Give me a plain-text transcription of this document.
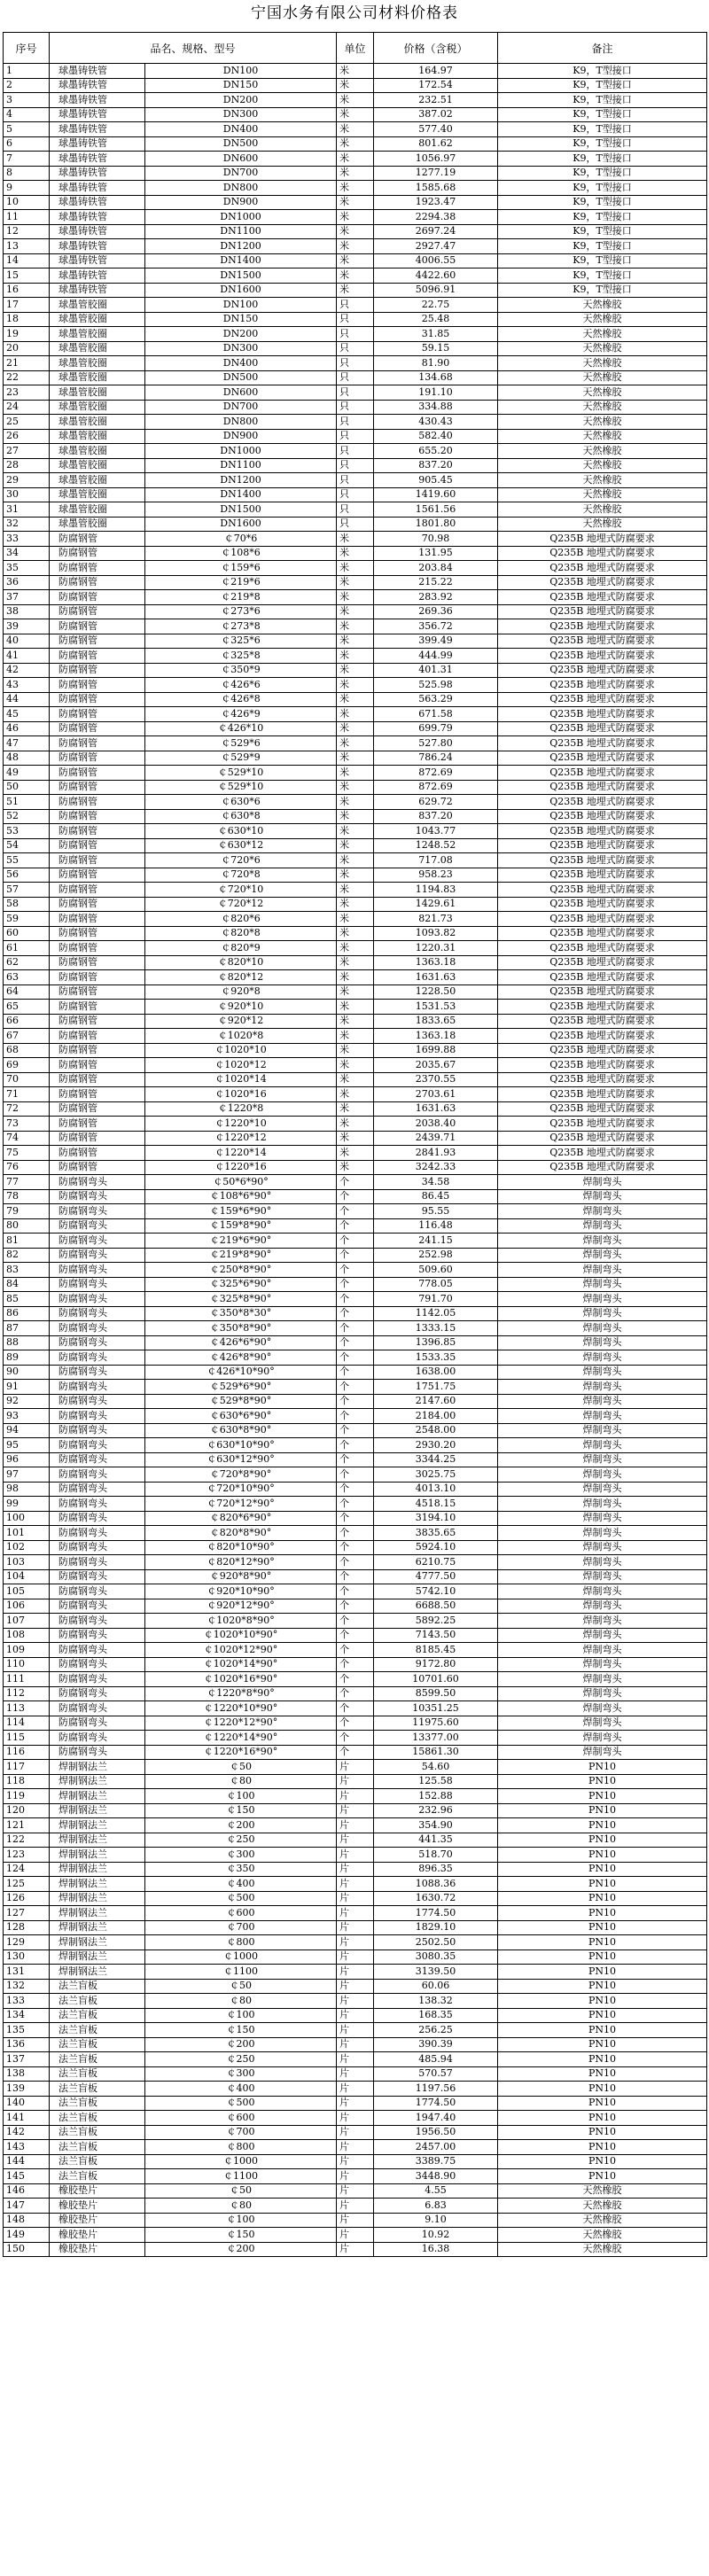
宁国水务有限公司材料价格表
序号	品名、规格、型号		单位	价格（含税）	备注
1	球墨铸铁管	DN100	米	164.97	K9，T型接口
2	球墨铸铁管	DN150	米	172.54	K9，T型接口
3	球墨铸铁管	DN200	米	232.51	K9，T型接口
4	球墨铸铁管	DN300	米	387.02	K9，T型接口
5	球墨铸铁管	DN400	米	577.40	K9，T型接口
6	球墨铸铁管	DN500	米	801.62	K9，T型接口
7	球墨铸铁管	DN600	米	1056.97	K9，T型接口
8	球墨铸铁管	DN700	米	1277.19	K9，T型接口
9	球墨铸铁管	DN800	米	1585.68	K9，T型接口
10	球墨铸铁管	DN900	米	1923.47	K9，T型接口
11	球墨铸铁管	DN1000	米	2294.38	K9，T型接口
12	球墨铸铁管	DN1100	米	2697.24	K9，T型接口
13	球墨铸铁管	DN1200	米	2927.47	K9，T型接口
14	球墨铸铁管	DN1400	米	4006.55	K9，T型接口
15	球墨铸铁管	DN1500	米	4422.60	K9，T型接口
16	球墨铸铁管	DN1600	米	5096.91	K9，T型接口
17	球墨管胶圈	DN100	只	22.75	天然橡胶
18	球墨管胶圈	DN150	只	25.48	天然橡胶
19	球墨管胶圈	DN200	只	31.85	天然橡胶
20	球墨管胶圈	DN300	只	59.15	天然橡胶
21	球墨管胶圈	DN400	只	81.90	天然橡胶
22	球墨管胶圈	DN500	只	134.68	天然橡胶
23	球墨管胶圈	DN600	只	191.10	天然橡胶
24	球墨管胶圈	DN700	只	334.88	天然橡胶
25	球墨管胶圈	DN800	只	430.43	天然橡胶
26	球墨管胶圈	DN900	只	582.40	天然橡胶
27	球墨管胶圈	DN1000	只	655.20	天然橡胶
28	球墨管胶圈	DN1100	只	837.20	天然橡胶
29	球墨管胶圈	DN1200	只	905.45	天然橡胶
30	球墨管胶圈	DN1400	只	1419.60	天然橡胶
31	球墨管胶圈	DN1500	只	1561.56	天然橡胶
32	球墨管胶圈	DN1600	只	1801.80	天然橡胶
33	防腐钢管	￠70*6	米	70.98	Q235B 地埋式防腐要求
34	防腐钢管	￠108*6	米	131.95	Q235B 地埋式防腐要求
35	防腐钢管	￠159*6	米	203.84	Q235B 地埋式防腐要求
36	防腐钢管	￠219*6	米	215.22	Q235B 地埋式防腐要求
37	防腐钢管	￠219*8	米	283.92	Q235B 地埋式防腐要求
38	防腐钢管	￠273*6	米	269.36	Q235B 地埋式防腐要求
39	防腐钢管	￠273*8	米	356.72	Q235B 地埋式防腐要求
40	防腐钢管	￠325*6	米	399.49	Q235B 地埋式防腐要求
41	防腐钢管	￠325*8	米	444.99	Q235B 地埋式防腐要求
42	防腐钢管	￠350*9	米	401.31	Q235B 地埋式防腐要求
43	防腐钢管	￠426*6	米	525.98	Q235B 地埋式防腐要求
44	防腐钢管	￠426*8	米	563.29	Q235B 地埋式防腐要求
45	防腐钢管	￠426*9	米	671.58	Q235B 地埋式防腐要求
46	防腐钢管	￠426*10	米	699.79	Q235B 地埋式防腐要求
47	防腐钢管	￠529*6	米	527.80	Q235B 地埋式防腐要求
48	防腐钢管	￠529*9	米	786.24	Q235B 地埋式防腐要求
49	防腐钢管	￠529*10	米	872.69	Q235B 地埋式防腐要求
50	防腐钢管	￠529*10	米	872.69	Q235B 地埋式防腐要求
51	防腐钢管	￠630*6	米	629.72	Q235B 地埋式防腐要求
52	防腐钢管	￠630*8	米	837.20	Q235B 地埋式防腐要求
53	防腐钢管	￠630*10	米	1043.77	Q235B 地埋式防腐要求
54	防腐钢管	￠630*12	米	1248.52	Q235B 地埋式防腐要求
55	防腐钢管	￠720*6	米	717.08	Q235B 地埋式防腐要求
56	防腐钢管	￠720*8	米	958.23	Q235B 地埋式防腐要求
57	防腐钢管	￠720*10	米	1194.83	Q235B 地埋式防腐要求
58	防腐钢管	￠720*12	米	1429.61	Q235B 地埋式防腐要求
59	防腐钢管	￠820*6	米	821.73	Q235B 地埋式防腐要求
60	防腐钢管	￠820*8	米	1093.82	Q235B 地埋式防腐要求
61	防腐钢管	￠820*9	米	1220.31	Q235B 地埋式防腐要求
62	防腐钢管	￠820*10	米	1363.18	Q235B 地埋式防腐要求
63	防腐钢管	￠820*12	米	1631.63	Q235B 地埋式防腐要求
64	防腐钢管	￠920*8	米	1228.50	Q235B 地埋式防腐要求
65	防腐钢管	￠920*10	米	1531.53	Q235B 地埋式防腐要求
66	防腐钢管	￠920*12	米	1833.65	Q235B 地埋式防腐要求
67	防腐钢管	￠1020*8	米	1363.18	Q235B 地埋式防腐要求
68	防腐钢管	￠1020*10	米	1699.88	Q235B 地埋式防腐要求
69	防腐钢管	￠1020*12	米	2035.67	Q235B 地埋式防腐要求
70	防腐钢管	￠1020*14	米	2370.55	Q235B 地埋式防腐要求
71	防腐钢管	￠1020*16	米	2703.61	Q235B 地埋式防腐要求
72	防腐钢管	￠1220*8	米	1631.63	Q235B 地埋式防腐要求
73	防腐钢管	￠1220*10	米	2038.40	Q235B 地埋式防腐要求
74	防腐钢管	￠1220*12	米	2439.71	Q235B 地埋式防腐要求
75	防腐钢管	￠1220*14	米	2841.93	Q235B 地埋式防腐要求
76	防腐钢管	￠1220*16	米	3242.33	Q235B 地埋式防腐要求
77	防腐钢弯头	￠50*6*90°	个	34.58	焊制弯头
78	防腐钢弯头	￠108*6*90°	个	86.45	焊制弯头
79	防腐钢弯头	￠159*6*90°	个	95.55	焊制弯头
80	防腐钢弯头	￠159*8*90°	个	116.48	焊制弯头
81	防腐钢弯头	￠219*6*90°	个	241.15	焊制弯头
82	防腐钢弯头	￠219*8*90°	个	252.98	焊制弯头
83	防腐钢弯头	￠250*8*90°	个	509.60	焊制弯头
84	防腐钢弯头	￠325*6*90°	个	778.05	焊制弯头
85	防腐钢弯头	￠325*8*90°	个	791.70	焊制弯头
86	防腐钢弯头	￠350*8*30°	个	1142.05	焊制弯头
87	防腐钢弯头	￠350*8*90°	个	1333.15	焊制弯头
88	防腐钢弯头	￠426*6*90°	个	1396.85	焊制弯头
89	防腐钢弯头	￠426*8*90°	个	1533.35	焊制弯头
90	防腐钢弯头	￠426*10*90°	个	1638.00	焊制弯头
91	防腐钢弯头	￠529*6*90°	个	1751.75	焊制弯头
92	防腐钢弯头	￠529*8*90°	个	2147.60	焊制弯头
93	防腐钢弯头	￠630*6*90°	个	2184.00	焊制弯头
94	防腐钢弯头	￠630*8*90°	个	2548.00	焊制弯头
95	防腐钢弯头	￠630*10*90°	个	2930.20	焊制弯头
96	防腐钢弯头	￠630*12*90°	个	3344.25	焊制弯头
97	防腐钢弯头	￠720*8*90°	个	3025.75	焊制弯头
98	防腐钢弯头	￠720*10*90°	个	4013.10	焊制弯头
99	防腐钢弯头	￠720*12*90°	个	4518.15	焊制弯头
100	防腐钢弯头	￠820*6*90°	个	3194.10	焊制弯头
101	防腐钢弯头	￠820*8*90°	个	3835.65	焊制弯头
102	防腐钢弯头	￠820*10*90°	个	5924.10	焊制弯头
103	防腐钢弯头	￠820*12*90°	个	6210.75	焊制弯头
104	防腐钢弯头	￠920*8*90°	个	4777.50	焊制弯头
105	防腐钢弯头	￠920*10*90°	个	5742.10	焊制弯头
106	防腐钢弯头	￠920*12*90°	个	6688.50	焊制弯头
107	防腐钢弯头	￠1020*8*90°	个	5892.25	焊制弯头
108	防腐钢弯头	￠1020*10*90°	个	7143.50	焊制弯头
109	防腐钢弯头	￠1020*12*90°	个	8185.45	焊制弯头
110	防腐钢弯头	￠1020*14*90°	个	9172.80	焊制弯头
111	防腐钢弯头	￠1020*16*90°	个	10701.60	焊制弯头
112	防腐钢弯头	￠1220*8*90°	个	8599.50	焊制弯头
113	防腐钢弯头	￠1220*10*90°	个	10351.25	焊制弯头
114	防腐钢弯头	￠1220*12*90°	个	11975.60	焊制弯头
115	防腐钢弯头	￠1220*14*90°	个	13377.00	焊制弯头
116	防腐钢弯头	￠1220*16*90°	个	15861.30	焊制弯头
117	焊制钢法兰	￠50	片	54.60	PN10
118	焊制钢法兰	￠80	片	125.58	PN10
119	焊制钢法兰	￠100	片	152.88	PN10
120	焊制钢法兰	￠150	片	232.96	PN10
121	焊制钢法兰	￠200	片	354.90	PN10
122	焊制钢法兰	￠250	片	441.35	PN10
123	焊制钢法兰	￠300	片	518.70	PN10
124	焊制钢法兰	￠350	片	896.35	PN10
125	焊制钢法兰	￠400	片	1088.36	PN10
126	焊制钢法兰	￠500	片	1630.72	PN10
127	焊制钢法兰	￠600	片	1774.50	PN10
128	焊制钢法兰	￠700	片	1829.10	PN10
129	焊制钢法兰	￠800	片	2502.50	PN10
130	焊制钢法兰	￠1000	片	3080.35	PN10
131	焊制钢法兰	￠1100	片	3139.50	PN10
132	法兰盲板	￠50	片	60.06	PN10
133	法兰盲板	￠80	片	138.32	PN10
134	法兰盲板	￠100	片	168.35	PN10
135	法兰盲板	￠150	片	256.25	PN10
136	法兰盲板	￠200	片	390.39	PN10
137	法兰盲板	￠250	片	485.94	PN10
138	法兰盲板	￠300	片	570.57	PN10
139	法兰盲板	￠400	片	1197.56	PN10
140	法兰盲板	￠500	片	1774.50	PN10
141	法兰盲板	￠600	片	1947.40	PN10
142	法兰盲板	￠700	片	1956.50	PN10
143	法兰盲板	￠800	片	2457.00	PN10
144	法兰盲板	￠1000	片	3389.75	PN10
145	法兰盲板	￠1100	片	3448.90	PN10
146	橡胶垫片	￠50	片	4.55	天然橡胶
147	橡胶垫片	￠80	片	6.83	天然橡胶
148	橡胶垫片	￠100	片	9.10	天然橡胶
149	橡胶垫片	￠150	片	10.92	天然橡胶
150	橡胶垫片	￠200	片	16.38	天然橡胶
